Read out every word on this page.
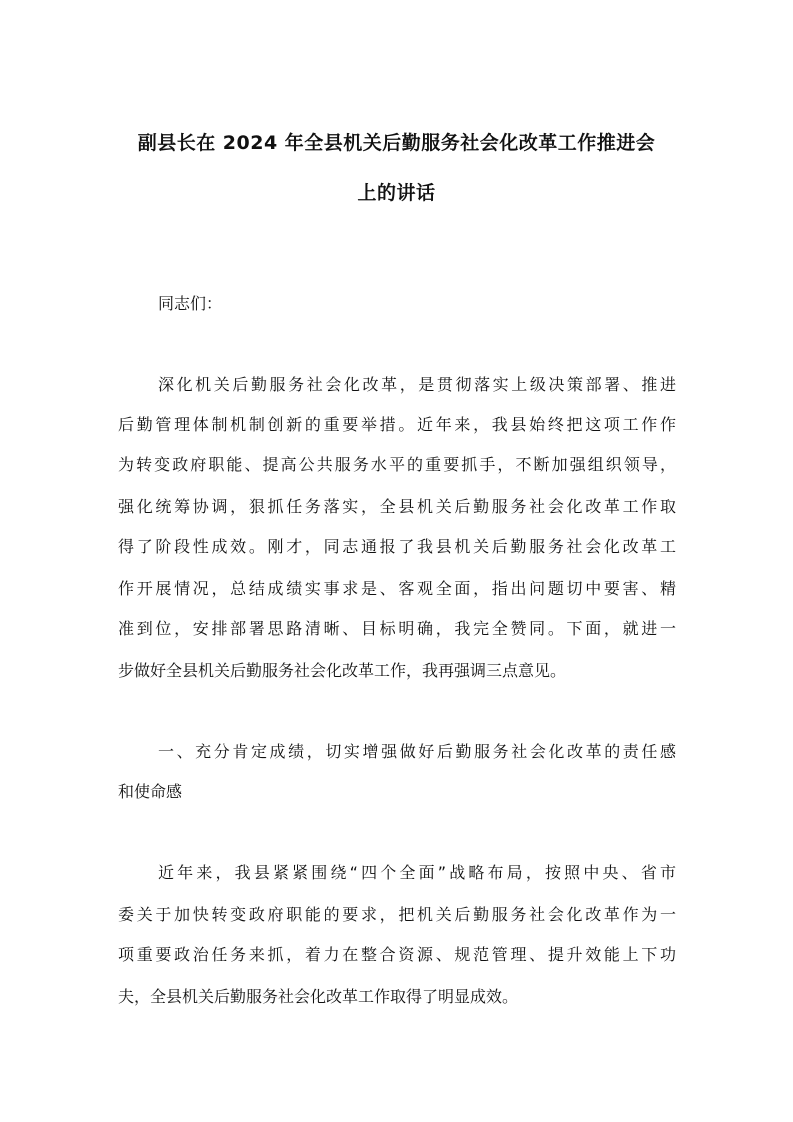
副县长在 2024 年全县机关后勤服务社会化改革工作推进会
上的讲话
同志们：
深化机关后勤服务社会化改革，是贯彻落实上级决策部署、推进
后勤管理体制机制创新的重要举措。近年来，我县始终把这项工作作
为转变政府职能、提高公共服务水平的重要抓手，不断加强组织领导，
强化统筹协调，狠抓任务落实，全县机关后勤服务社会化改革工作取
得了阶段性成效。刚才，同志通报了我县机关后勤服务社会化改革工
作开展情况，总结成绩实事求是、客观全面，指出问题切中要害、精
准到位，安排部署思路清晰、目标明确，我完全赞同。下面，就进一
步做好全县机关后勤服务社会化改革工作，我再强调三点意见。
一、充分肯定成绩，切实增强做好后勤服务社会化改革的责任感
和使命感
近年来，我县紧紧围绕“四个全面”战略布局，按照中央、省市
委关于加快转变政府职能的要求，把机关后勤服务社会化改革作为一
项重要政治任务来抓，着力在整合资源、规范管理、提升效能上下功
夫，全县机关后勤服务社会化改革工作取得了明显成效。
